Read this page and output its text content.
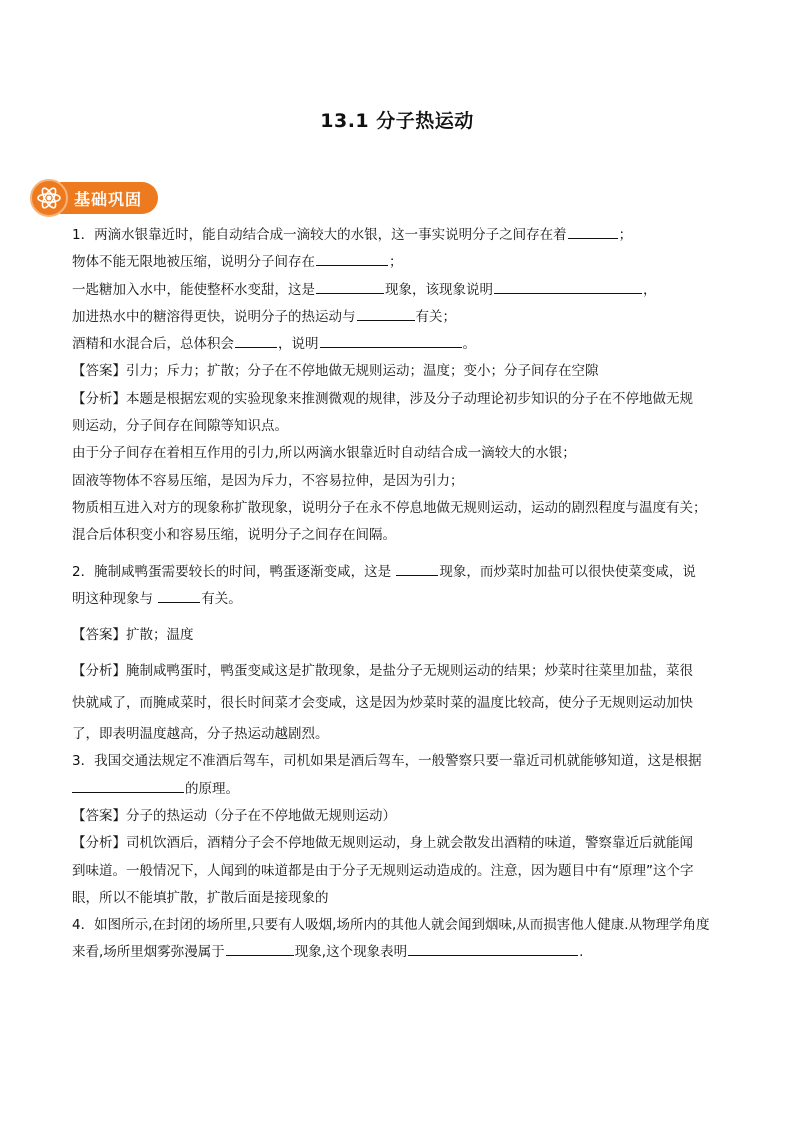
13.1 分子热运动
基础巩固
1．两滴水银靠近时，能自动结合成一滴较大的水银，这一事实说明分子之间存在着	；
物体不能无限地被压缩，说明分子间存在	；
一匙糖加入水中，能使整杯水变甜，这是	现象，该现象说明	，
加进热水中的糖溶得更快，说明分子的热运动与	有关；
酒精和水混合后，总体积会	，说明	。
【答案】引力；斥力；扩散；分子在不停地做无规则运动；温度；变小；分子间存在空隙
【分析】本题是根据宏观的实验现象来推测微观的规律，涉及分子动理论初步知识的分子在不停地做无规
则运动，分子间存在间隙等知识点。
由于分子间存在着相互作用的引力,所以两滴水银靠近时自动结合成一滴较大的水银；
固液等物体不容易压缩，是因为斥力，不容易拉伸，是因为引力；
物质相互进入对方的现象称扩散现象，说明分子在永不停息地做无规则运动，运动的剧烈程度与温度有关；
混合后体积变小和容易压缩，说明分子之间存在间隔。
2．腌制咸鸭蛋需要较长的时间，鸭蛋逐渐变咸，这是	现象，而炒菜时加盐可以很快使菜变咸，说
明这种现象与	有关。
【答案】扩散；温度
【分析】腌制咸鸭蛋时，鸭蛋变咸这是扩散现象，是盐分子无规则运动的结果；炒菜时往菜里加盐，菜很
快就咸了，而腌咸菜时，很长时间菜才会变咸，这是因为炒菜时菜的温度比较高，使分子无规则运动加快
了，即表明温度越高，分子热运动越剧烈。
3．我国交通法规定不准酒后驾车，司机如果是酒后驾车，一般警察只要一靠近司机就能够知道，这是根据
的原理。
【答案】分子的热运动（分子在不停地做无规则运动）
【分析】司机饮酒后，酒精分子会不停地做无规则运动，身上就会散发出酒精的味道，警察靠近后就能闻
到味道。一般情况下，人闻到的味道都是由于分子无规则运动造成的。注意，因为题目中有“原理”这个字
眼，所以不能填扩散，扩散后面是接现象的
4．如图所示,在封闭的场所里,只要有人吸烟,场所内的其他人就会闻到烟味,从而损害他人健康.从物理学角度
来看,场所里烟雾弥漫属于	现象,这个现象表明	.
